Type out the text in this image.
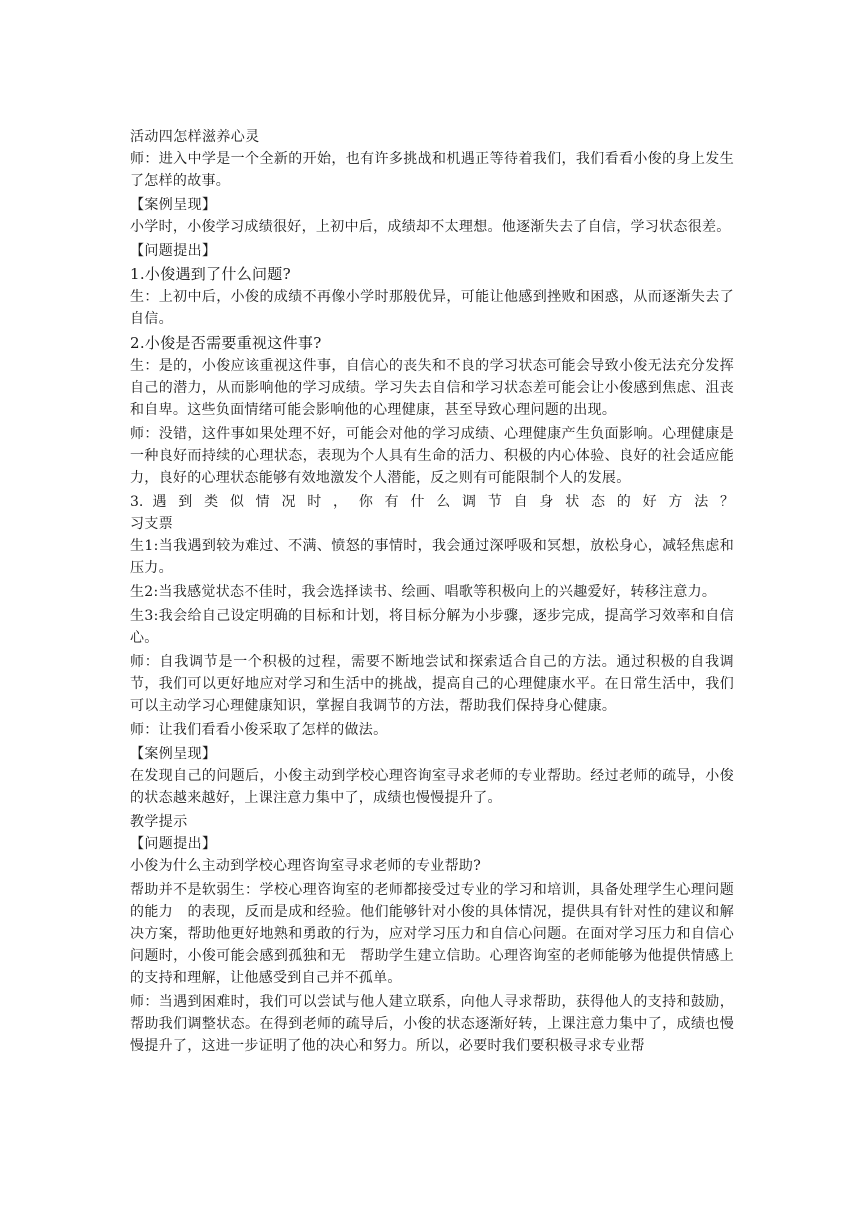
活动四怎样滋养心灵

师：进入中学是一个全新的开始，也有许多挑战和机遇正等待着我们，我们看看小俊的身上发生了怎样的故事。

【案例呈现】

小学时，小俊学习成绩很好，上初中后，成绩却不太理想。他逐渐失去了自信，学习状态很差。

【问题提出】

1.小俊遇到了什么问题?

生：上初中后，小俊的成绩不再像小学时那般优异，可能让他感到挫败和困惑，从而逐渐失去了自信。

2.小俊是否需要重视这件事?

生：是的，小俊应该重视这件事，自信心的丧失和不良的学习状态可能会导致小俊无法充分发挥自己的潜力，从而影响他的学习成绩。学习失去自信和学习状态差可能会让小俊感到焦虑、沮丧和自卑。这些负面情绪可能会影响他的心理健康，甚至导致心理问题的出现。

师：没错，这件事如果处理不好，可能会对他的学习成绩、心理健康产生负面影响。心理健康是一种良好而持续的心理状态，表现为个人具有生命的活力、积极的内心体验、良好的社会适应能力，良好的心理状态能够有效地激发个人潜能，反之则有可能限制个人的发展。

3. 遇 到 类 似 情 况 时 ， 你 有 什 么 调 节 自 身 状 态 的 好 方 法 ？

习支票

生1:当我遇到较为难过、不满、愤怒的事情时，我会通过深呼吸和冥想，放松身心，减轻焦虑和压力。

生2:当我感觉状态不佳时，我会选择读书、绘画、唱歌等积极向上的兴趣爱好，转移注意力。

生3:我会给自己设定明确的目标和计划，将目标分解为小步骤，逐步完成，提高学习效率和自信心。

师：自我调节是一个积极的过程，需要不断地尝试和探索适合自己的方法。通过积极的自我调节，我们可以更好地应对学习和生活中的挑战，提高自己的心理健康水平。在日常生活中，我们可以主动学习心理健康知识，掌握自我调节的方法，帮助我们保持身心健康。

师：让我们看看小俊采取了怎样的做法。

【案例呈现】

在发现自己的问题后，小俊主动到学校心理咨询室寻求老师的专业帮助。经过老师的疏导，小俊的状态越来越好，上课注意力集中了，成绩也慢慢提升了。

教学提示

【问题提出】

小俊为什么主动到学校心理咨询室寻求老师的专业帮助?

帮助并不是软弱生：学校心理咨询室的老师都接受过专业的学习和培训，具备处理学生心理问题的能力　的表现，反而是成和经验。他们能够针对小俊的具体情况，提供具有针对性的建议和解决方案，帮助他更好地熟和勇敢的行为，应对学习压力和自信心问题。在面对学习压力和自信心问题时，小俊可能会感到孤独和无　帮助学生建立信助。心理咨询室的老师能够为他提供情感上的支持和理解，让他感受到自己并不孤单。

师：当遇到困难时，我们可以尝试与他人建立联系，向他人寻求帮助，获得他人的支持和鼓励，帮助我们调整状态。在得到老师的疏导后，小俊的状态逐渐好转，上课注意力集中了，成绩也慢慢提升了，这进一步证明了他的决心和努力。所以，必要时我们要积极寻求专业帮
